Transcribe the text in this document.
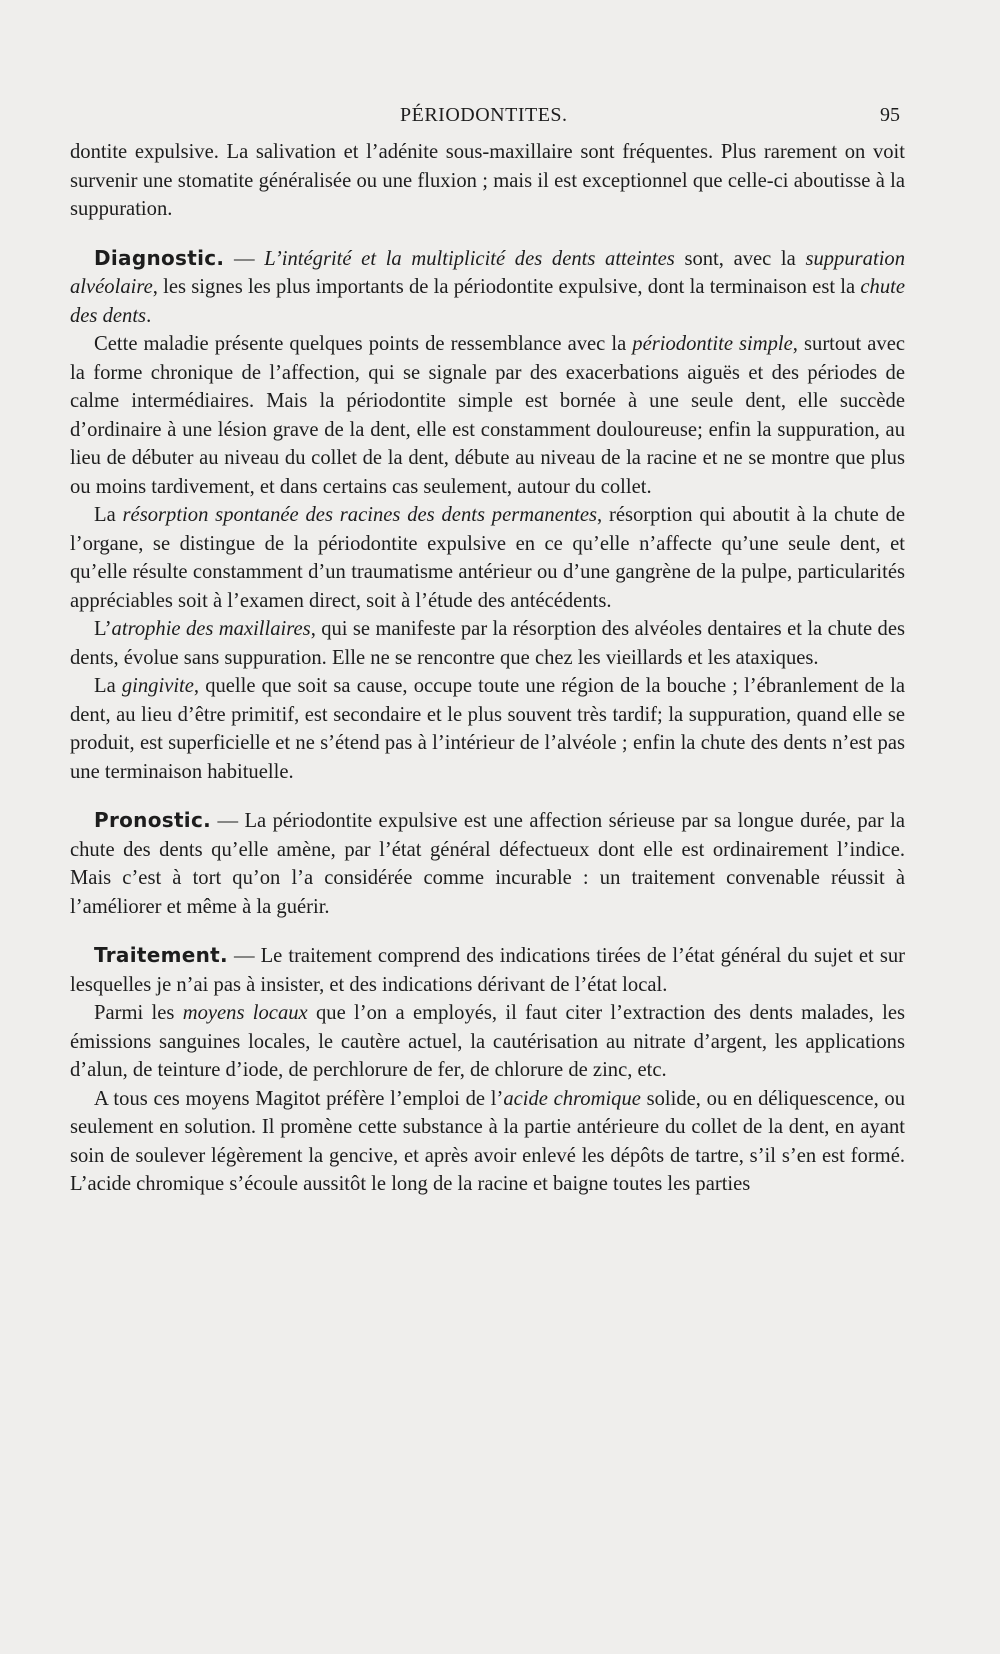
PÉRIODONTITES.	95

dontite expulsive. La salivation et l’adénite sous-maxillaire sont fréquentes. Plus rarement on voit survenir une stomatite généralisée ou une fluxion ; mais il est exceptionnel que celle-ci aboutisse à la suppuration.

Diagnostic. — L’intégrité et la multiplicité des dents atteintes sont, avec la suppuration alvéolaire, les signes les plus importants de la périodontite expulsive, dont la terminaison est la chute des dents.

Cette maladie présente quelques points de ressemblance avec la périodontite simple, surtout avec la forme chronique de l’affection, qui se signale par des exacerbations aiguës et des périodes de calme intermédiaires. Mais la périodontite simple est bornée à une seule dent, elle succède d’ordinaire à une lésion grave de la dent, elle est constamment douloureuse; enfin la suppuration, au lieu de débuter au niveau du collet de la dent, débute au niveau de la racine et ne se montre que plus ou moins tardivement, et dans certains cas seulement, autour du collet.

La résorption spontanée des racines des dents permanentes, résorption qui aboutit à la chute de l’organe, se distingue de la périodontite expulsive en ce qu’elle n’affecte qu’une seule dent, et qu’elle résulte constamment d’un traumatisme antérieur ou d’une gangrène de la pulpe, particularités appréciables soit à l’examen direct, soit à l’étude des antécédents.

L’atrophie des maxillaires, qui se manifeste par la résorption des alvéoles dentaires et la chute des dents, évolue sans suppuration. Elle ne se rencontre que chez les vieillards et les ataxiques.

La gingivite, quelle que soit sa cause, occupe toute une région de la bouche ; l’ébranlement de la dent, au lieu d’être primitif, est secondaire et le plus souvent très tardif; la suppuration, quand elle se produit, est superficielle et ne s’étend pas à l’intérieur de l’alvéole ; enfin la chute des dents n’est pas une terminaison habituelle.

Pronostic. — La périodontite expulsive est une affection sérieuse par sa longue durée, par la chute des dents qu’elle amène, par l’état général défectueux dont elle est ordinairement l’indice. Mais c’est à tort qu’on l’a considérée comme incurable : un traitement convenable réussit à l’améliorer et même à la guérir.

Traitement. — Le traitement comprend des indications tirées de l’état général du sujet et sur lesquelles je n’ai pas à insister, et des indications dérivant de l’état local.

Parmi les moyens locaux que l’on a employés, il faut citer l’extraction des dents malades, les émissions sanguines locales, le cautère actuel, la cautérisation au nitrate d’argent, les applications d’alun, de teinture d’iode, de perchlorure de fer, de chlorure de zinc, etc.

A tous ces moyens Magitot préfère l’emploi de l’acide chromique solide, ou en déliquescence, ou seulement en solution. Il promène cette substance à la partie antérieure du collet de la dent, en ayant soin de soulever légèrement la gencive, et après avoir enlevé les dépôts de tartre, s’il s’en est formé. L’acide chromique s’écoule aussitôt le long de la racine et baigne toutes les parties
